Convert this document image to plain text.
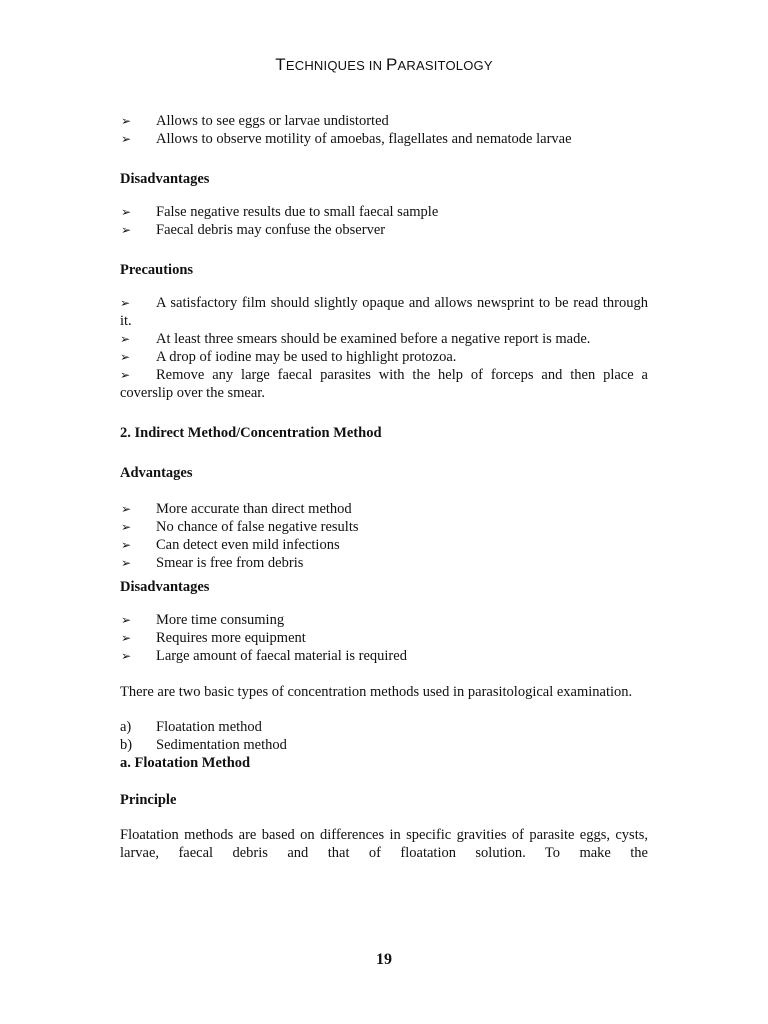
TECHNIQUES IN PARASITOLOGY
➢ Allows to see eggs or larvae undistorted
➢ Allows to observe motility of amoebas, flagellates and nematode larvae
Disadvantages
➢ False negative results due to small faecal sample
➢ Faecal debris may confuse the observer
Precautions

➢ A satisfactory film should slightly opaque and allows newsprint to be read through it.

➢ At least three smears should be examined before a negative report is made.

➢ A drop of iodine may be used to highlight protozoa.

➢ Remove any large faecal parasites with the help of forceps and then place a coverslip over the smear.

2. Indirect Method/Concentration Method
Advantages
➢ More accurate than direct method
➢ No chance of false negative results
➢ Can detect even mild infections
➢ Smear is free from debris
Disadvantages
➢ More time consuming
➢ Requires more equipment
➢ Large amount of faecal material is required

There are two basic types of concentration methods used in parasitological examination.

a) Floatation method
b) Sedimentation method
a. Floatation Method
Principle

Floatation methods are based on differences in specific gravities of parasite eggs, cysts, larvae, faecal debris and that of floatation solution. To make the

19
